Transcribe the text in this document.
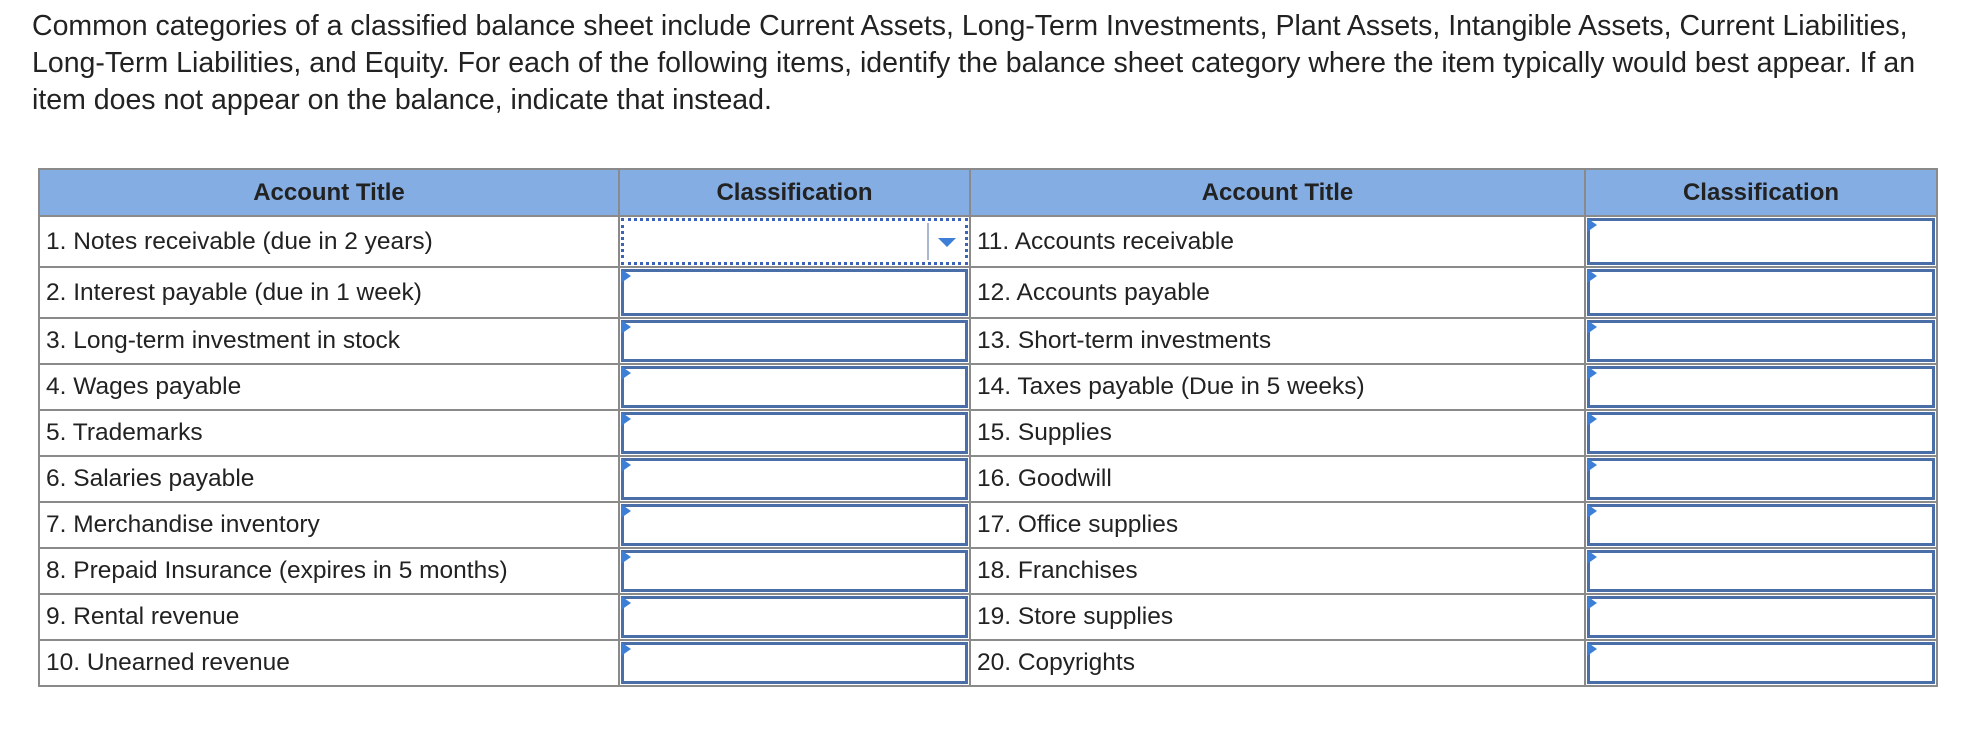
Common categories of a classified balance sheet include Current Assets, Long-Term Investments, Plant Assets, Intangible Assets, Current Liabilities, Long-Term Liabilities, and Equity. For each of the following items, identify the balance sheet category where the item typically would best appear. If an item does not appear on the balance, indicate that instead.

Account Title	Classification	Account Title	Classification
1. Notes receivable (due in 2 years)		11. Accounts receivable	

2. Interest payable (due in 1 week)		12. Accounts payable	

3. Long-term investment in stock		13. Short-term investments	

4. Wages payable		14. Taxes payable (Due in 5 weeks)	

5. Trademarks		15. Supplies	

6. Salaries payable		16. Goodwill	

7. Merchandise inventory		17. Office supplies	

8. Prepaid Insurance (expires in 5 months)		18. Franchises	

9. Rental revenue		19. Store supplies	

10. Unearned revenue		20. Copyrights	
